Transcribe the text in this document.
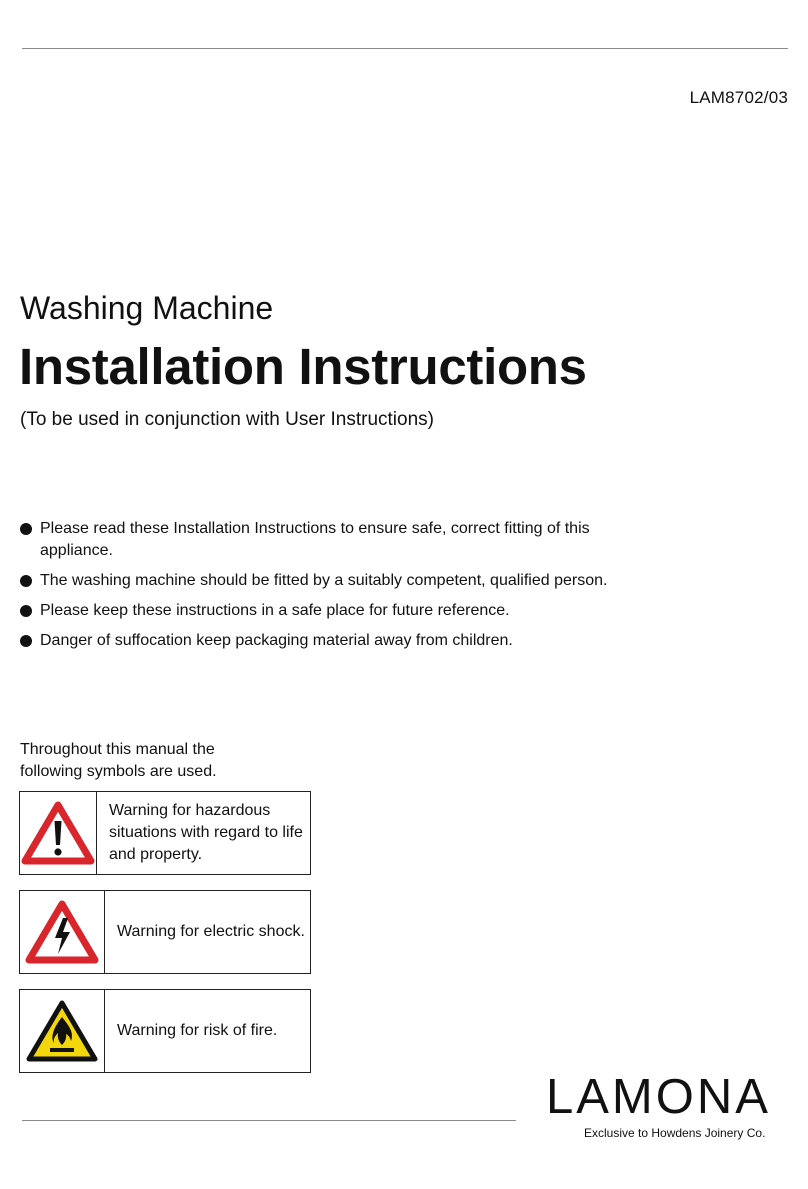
LAM8702/03
Washing Machine
Installation Instructions
(To be used in conjunction with User Instructions)
Please read these Installation Instructions to ensure safe, correct fitting of this appliance.
The washing machine should be fitted by a suitably competent, qualified person.
Please keep these instructions in a safe place for future reference.
Danger of suffocation keep packaging material away from children.
Throughout this manual the following symbols are used.
Warning for hazardous situations with regard to life and property.
Warning for electric shock.
Warning for risk of fire.
LAMONA
Exclusive to Howdens Joinery Co.
